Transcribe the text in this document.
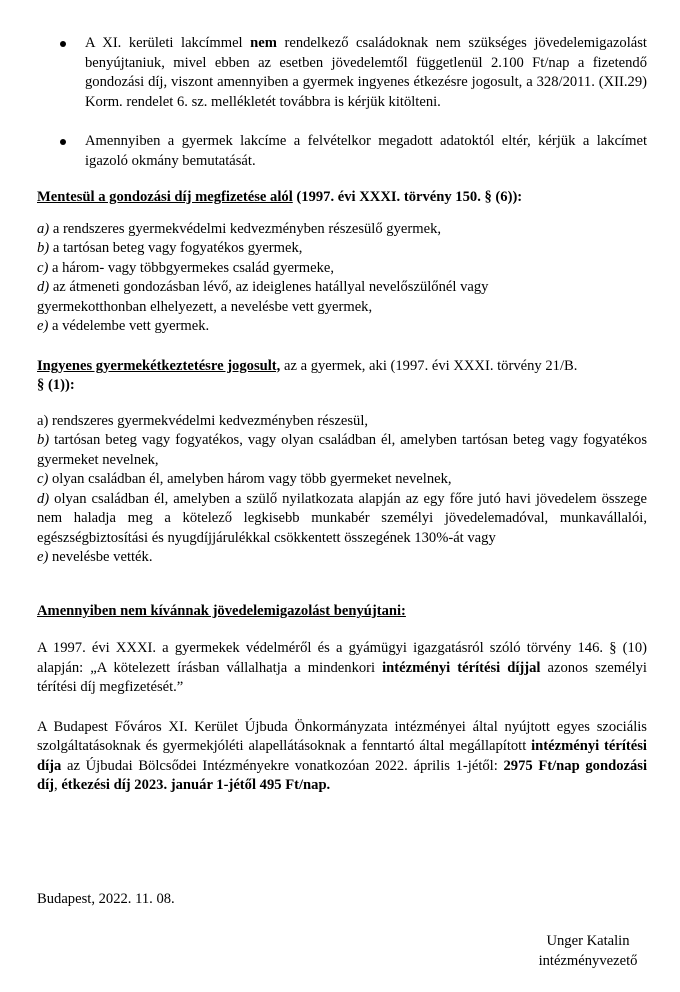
A XI. kerületi lakcímmel nem rendelkező családoknak nem szükséges jövedelemigazolást benyújtaniuk, mivel ebben az esetben jövedelemtől függetlenül 2.100 Ft/nap a fizetendő gondozási díj, viszont amennyiben a gyermek ingyenes étkezésre jogosult, a 328/2011. (XII.29) Korm. rendelet 6. sz. mellékletét továbbra is kérjük kitölteni.
Amennyiben a gyermek lakcíme a felvételkor megadott adatoktól eltér, kérjük a lakcímet igazoló okmány bemutatását.
Mentesül a gondozási díj megfizetése alól (1997. évi XXXI. törvény 150. § (6)):
a) a rendszeres gyermekvédelmi kedvezményben részesülő gyermek,
b) a tartósan beteg vagy fogyatékos gyermek,
c) a három- vagy többgyermekes család gyermeke,
d) az átmeneti gondozásban lévő, az ideiglenes hatállyal nevelőszülőnél vagy
gyermekotthonban elhelyezett, a nevelésbe vett gyermek,
e) a védelembe vett gyermek.
Ingyenes gyermekétkeztetésre jogosult, az a gyermek, aki (1997. évi XXXI. törvény 21/B.
§ (1)):
a) rendszeres gyermekvédelmi kedvezményben részesül,
b) tartósan beteg vagy fogyatékos, vagy olyan családban él, amelyben tartósan beteg vagy fogyatékos gyermeket nevelnek,
c) olyan családban él, amelyben három vagy több gyermeket nevelnek,
d) olyan családban él, amelyben a szülő nyilatkozata alapján az egy főre jutó havi jövedelem összege nem haladja meg a kötelező legkisebb munkabér személyi jövedelemadóval, munkavállalói, egészségbiztosítási és nyugdíjjárulékkal csökkentett összegének 130%-át vagy
e) nevelésbe vették.
Amennyiben nem kívánnak jövedelemigazolást benyújtani:
A 1997. évi XXXI. a gyermekek védelméről és a gyámügyi igazgatásról szóló törvény 146. § (10) alapján: „A kötelezett írásban vállalhatja a mindenkori intézményi térítési díjjal azonos személyi térítési díj megfizetését.”
A Budapest Főváros XI. Kerület Újbuda Önkormányzata intézményei által nyújtott egyes szociális szolgáltatásoknak és gyermekjóléti alapellátásoknak a fenntartó által megállapított intézményi térítési díja az Újbudai Bölcsődei Intézményekre vonatkozóan 2022. április 1-jétől: 2975 Ft/nap gondozási díj, étkezési díj 2023. január 1-jétől 495 Ft/nap.
Budapest, 2022. 11. 08.
Unger Katalin
intézményvezető
